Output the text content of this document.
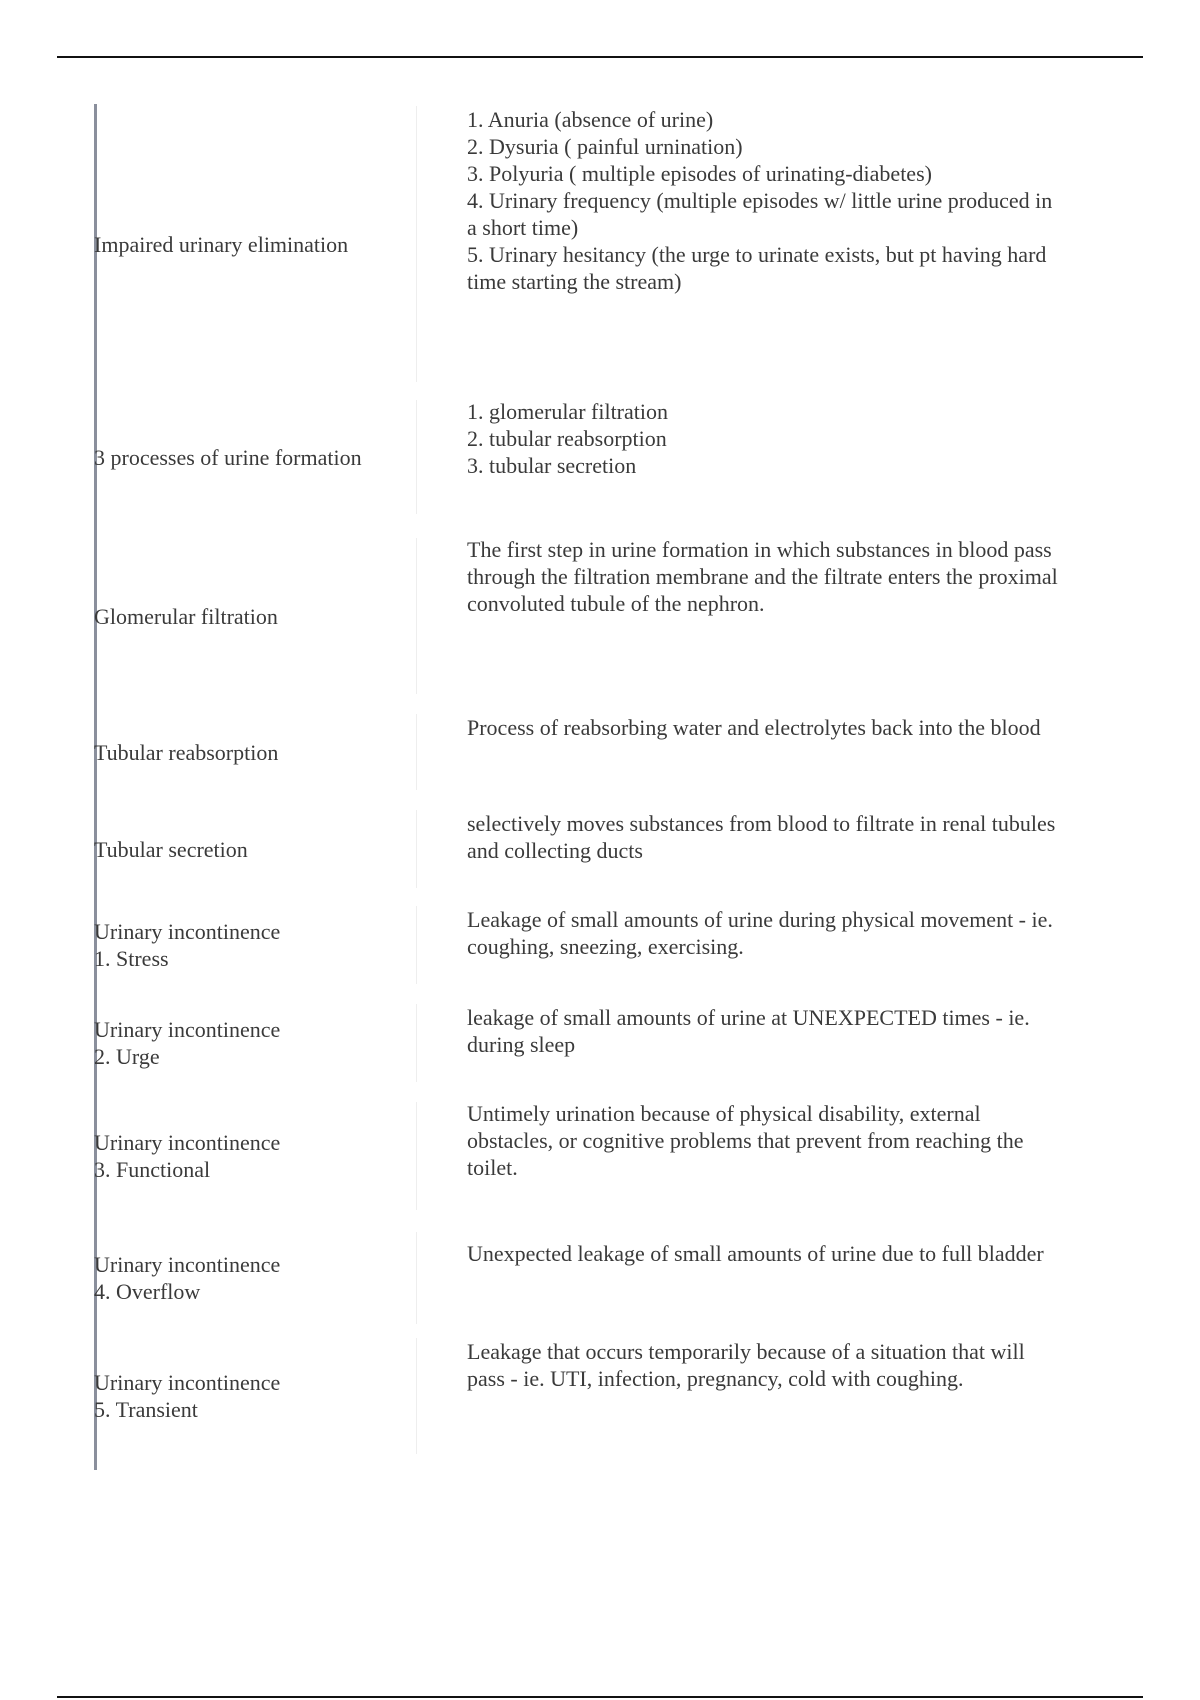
Impaired urinary elimination
1. Anuria (absence of urine)
2. Dysuria ( painful urnination)
3. Polyuria ( multiple episodes of urinating-diabetes)
4. Urinary frequency (multiple episodes w/ little urine produced in a short time)
5. Urinary hesitancy (the urge to urinate exists, but pt having hard time starting the stream)
3 processes of urine formation
1. glomerular filtration
2. tubular reabsorption
3. tubular secretion
Glomerular filtration
The first step in urine formation in which substances in blood pass through the filtration membrane and the filtrate enters the proximal convoluted tubule of the nephron.
Tubular reabsorption
Process of reabsorbing water and electrolytes back into the blood
Tubular secretion
selectively moves substances from blood to filtrate in renal tubules and collecting ducts
Urinary incontinence
1. Stress
Leakage of small amounts of urine during physical movement - ie. coughing, sneezing, exercising.
Urinary incontinence
2. Urge
leakage of small amounts of urine at UNEXPECTED times - ie. during sleep
Urinary incontinence
3. Functional
Untimely urination because of physical disability, external obstacles, or cognitive problems that prevent from reaching the toilet.
Urinary incontinence
4. Overflow
Unexpected leakage of small amounts of urine due to full bladder
Urinary incontinence
5. Transient
Leakage that occurs temporarily because of a situation that will pass - ie. UTI, infection, pregnancy, cold with coughing.
